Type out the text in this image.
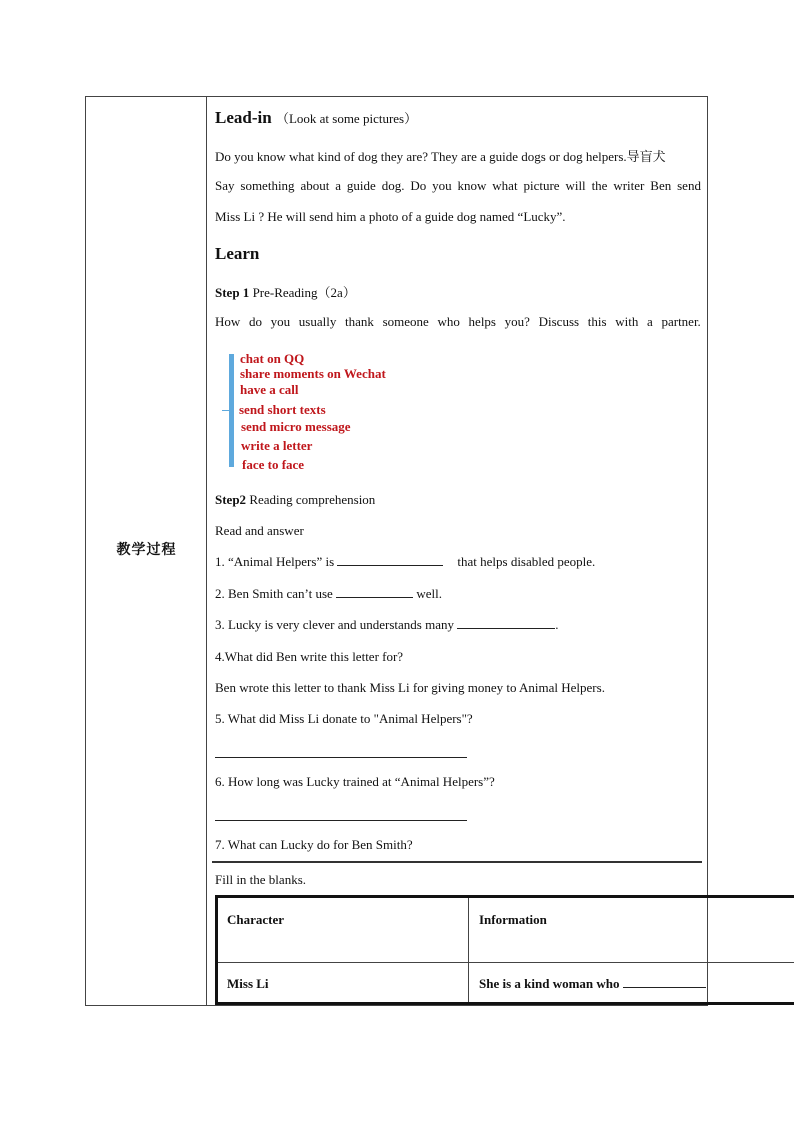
教学过程
Lead-in （Look at some pictures）
Do you know what kind of dog they are? They are a guide dogs or dog helpers.导盲犬
Say something about a guide dog. Do you know what picture will the writer Ben send
Miss Li ? He will send him a photo of a guide dog named “Lucky”.
Learn
Step 1 Pre-Reading（2a）
How do you usually thank someone who helps you? Discuss this with a partner.
chat on QQ
share moments on Wechat
have a call
send short texts
send micro message
write a letter
face to face
Step2 Reading comprehension
Read and answer
1. “Animal Helpers” is	that helps disabled people.
2. Ben Smith can’t use	well.
3. Lucky is very clever and understands many	.
4.What did Ben write this letter for?
Ben wrote this letter to thank Miss Li for giving money to Animal Helpers.
5. What did Miss Li donate to "Animal Helpers"?
6. How long was Lucky trained at “Animal Helpers”?
7. What can Lucky do for Ben Smith?
Fill in the blanks.
Character	Information
Miss Li	She is a kind woman who
